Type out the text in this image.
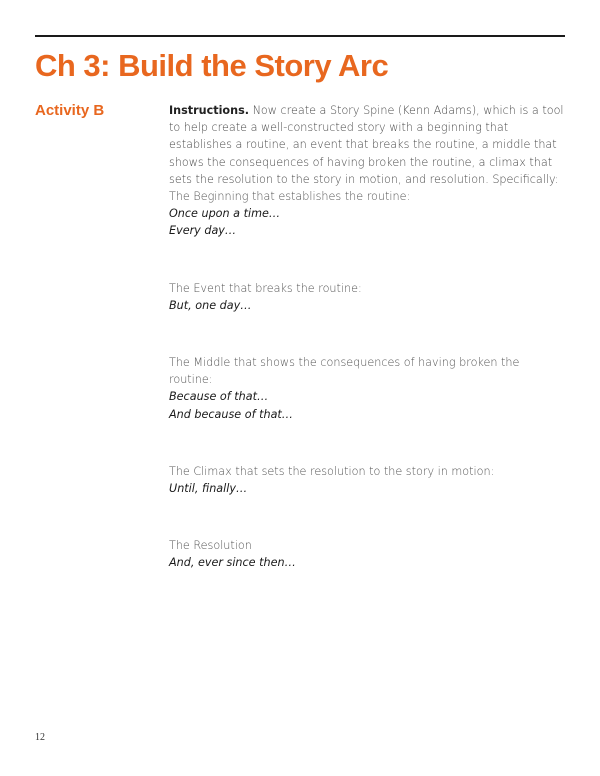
Ch 3: Build the Story Arc
Activity B	Instructions. Now create a Story Spine (Kenn Adams), which is a tool to help create a well-constructed story with a beginning that establishes a routine, an event that breaks the routine, a middle that shows the consequences of having broken the routine, a climax that sets the resolution to the story in motion, and resolution. Specifically:

The Beginning that establishes the routine:

Once upon a time…

Every day…

The Event that breaks the routine:

But, one day…

The Middle that shows the consequences of having broken the routine:

Because of that…

And because of that…

The Climax that sets the resolution to the story in motion:

Until, finally…

The Resolution

And, ever since then…

12
